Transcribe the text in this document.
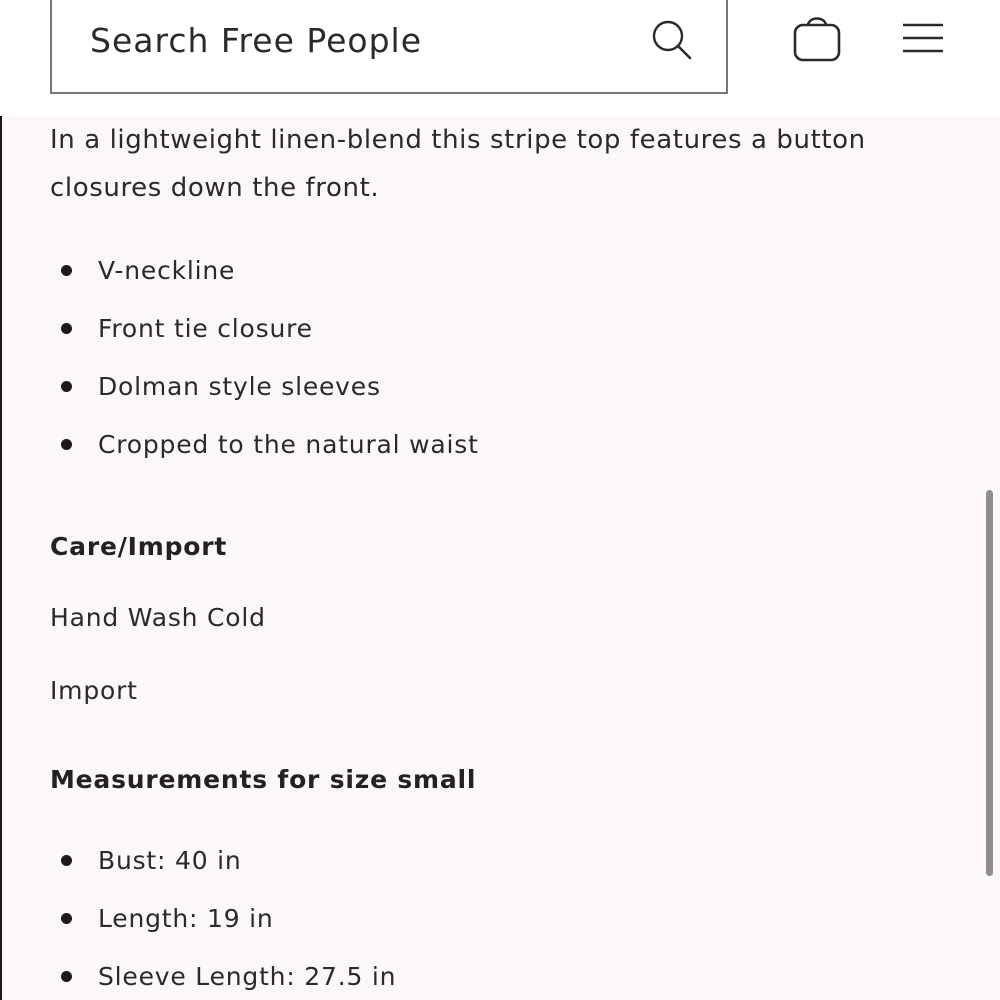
Search Free People

In a lightweight linen-blend this stripe top features a button closures down the front.

V-neckline
Front tie closure
Dolman style sleeves
Cropped to the natural waist
Care/Import

Hand Wash Cold

Import

Measurements for size small
Bust: 40 in
Length: 19 in
Sleeve Length: 27.5 in
